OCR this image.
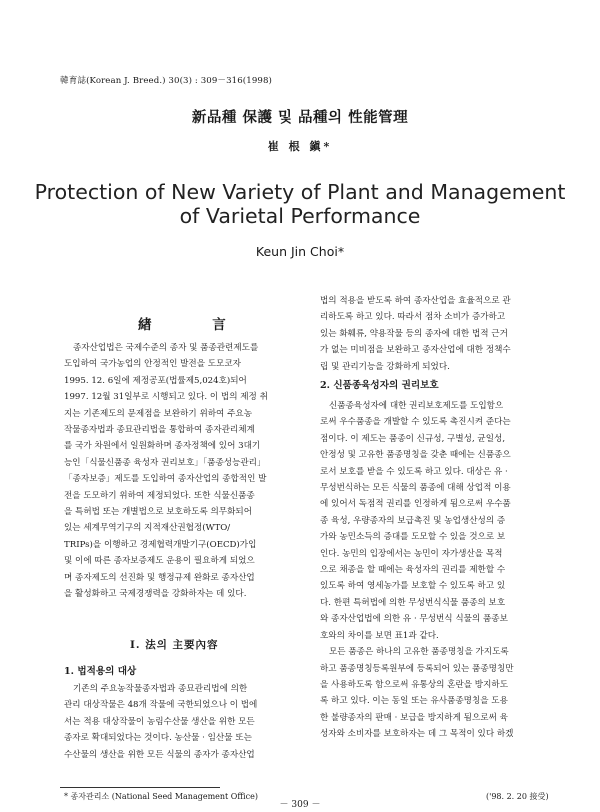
韓育誌(Korean J. Breed.) 30(3) : 309－316(1998)
新品種 保護 및 品種의 性能管理
崔 根 鎭*
Protection of New Variety of Plant and Management
of Varietal Performance
Keun Jin Choi*
緖 言
종자산업법은 국제수준의 종자 및 품종관련제도를
도입하여 국가농업의 안정적인 발전을 도모코자
1995. 12. 6일에 제정공포(법률제5,024호)되어
1997. 12월 31일부로 시행되고 있다. 이 법의 제정 취
지는 기존제도의 문제점을 보완하기 위하여 주요농
작물종자법과 종묘관리법을 통합하여 종자관리체계
를 국가 차원에서 일원화하며 종자정책에 있어 3대기
능인「식물신품종 육성자 권리보호」「품종성능관리」
「종자보증」제도를 도입하여 종자산업의 종합적인 발
전을 도모하기 위하여 제정되었다. 또한 식물신품종
을 특허법 또는 개별법으로 보호하도록 의무화되어
있는 세계무역기구의 지적재산권협정(WTO/
TRIPs)을 이행하고 경제협력개발기구(OECD)가입
및 이에 따른 종자보증제도 운용이 필요하게 되었으
며 종자제도의 선진화 및 행정규제 완화로 종자산업
을 활성화하고 국제경쟁력을 강화하자는 데 있다.
Ⅰ. 法의 主要內容
1. 법적용의 대상
기존의 주요농작물종자법과 종묘관리법에 의한
관리 대상작물은 48개 작물에 국한되었으나 이 법에
서는 적용 대상작물이 농림수산물 생산을 위한 모든
종자로 확대되었다는 것이다. 농산물 · 임산물 또는
수산물의 생산을 위한 모든 식물의 종자가 종자산업
법의 적용을 받도록 하여 종자산업을 효율적으로 관
리하도록 하고 있다. 따라서 점차 소비가 증가하고
있는 화훼류, 약용작물 등의 종자에 대한 법적 근거
가 없는 미비점을 보완하고 종자산업에 대한 정책수
립 및 관리기능을 강화하게 되었다.
2. 신품종육성자의 권리보호
신품종육성자에 대한 권리보호제도를 도입함으
로써 우수품종을 개발할 수 있도록 촉진시켜 준다는
점이다. 이 제도는 품종이 신규성, 구별성, 균일성,
안정성 및 고유한 품종명칭을 갖춘 때에는 신품종으
로서 보호를 받을 수 있도록 하고 있다. 대상은 유 ·
무성번식하는 모든 식물의 품종에 대해 상업적 이용
에 있어서 독점적 권리를 인정하게 됨으로써 우수품
종 육성, 우량종자의 보급촉진 및 농업생산성의 증
가와 농민소득의 증대를 도모할 수 있을 것으로 보
인다. 농민의 입장에서는 농민이 자가생산을 목적
으로 채종을 할 때에는 육성자의 권리를 제한할 수
있도록 하여 영세농가를 보호할 수 있도록 하고 있
다. 한편 특허법에 의한 무성번식식물 품종의 보호
와 종자산업법에 의한 유 · 무성번식 식물의 품종보
호와의 차이를 보면 표1과 같다.
모든 품종은 하나의 고유한 품종명칭을 가지도록
하고 품종명칭등록원부에 등록되어 있는 품종명칭만
을 사용하도록 함으로써 유통상의 혼란을 방지하도
록 하고 있다. 이는 동일 또는 유사품종명칭을 도용
한 불량종자의 판매 · 보급을 방지하게 됨으로써 육
성자와 소비자를 보호하자는 데 그 목적이 있다 하겠
* 종자관리소 (National Seed Management Office)	('98. 2. 20 接受)
－ 309 －
